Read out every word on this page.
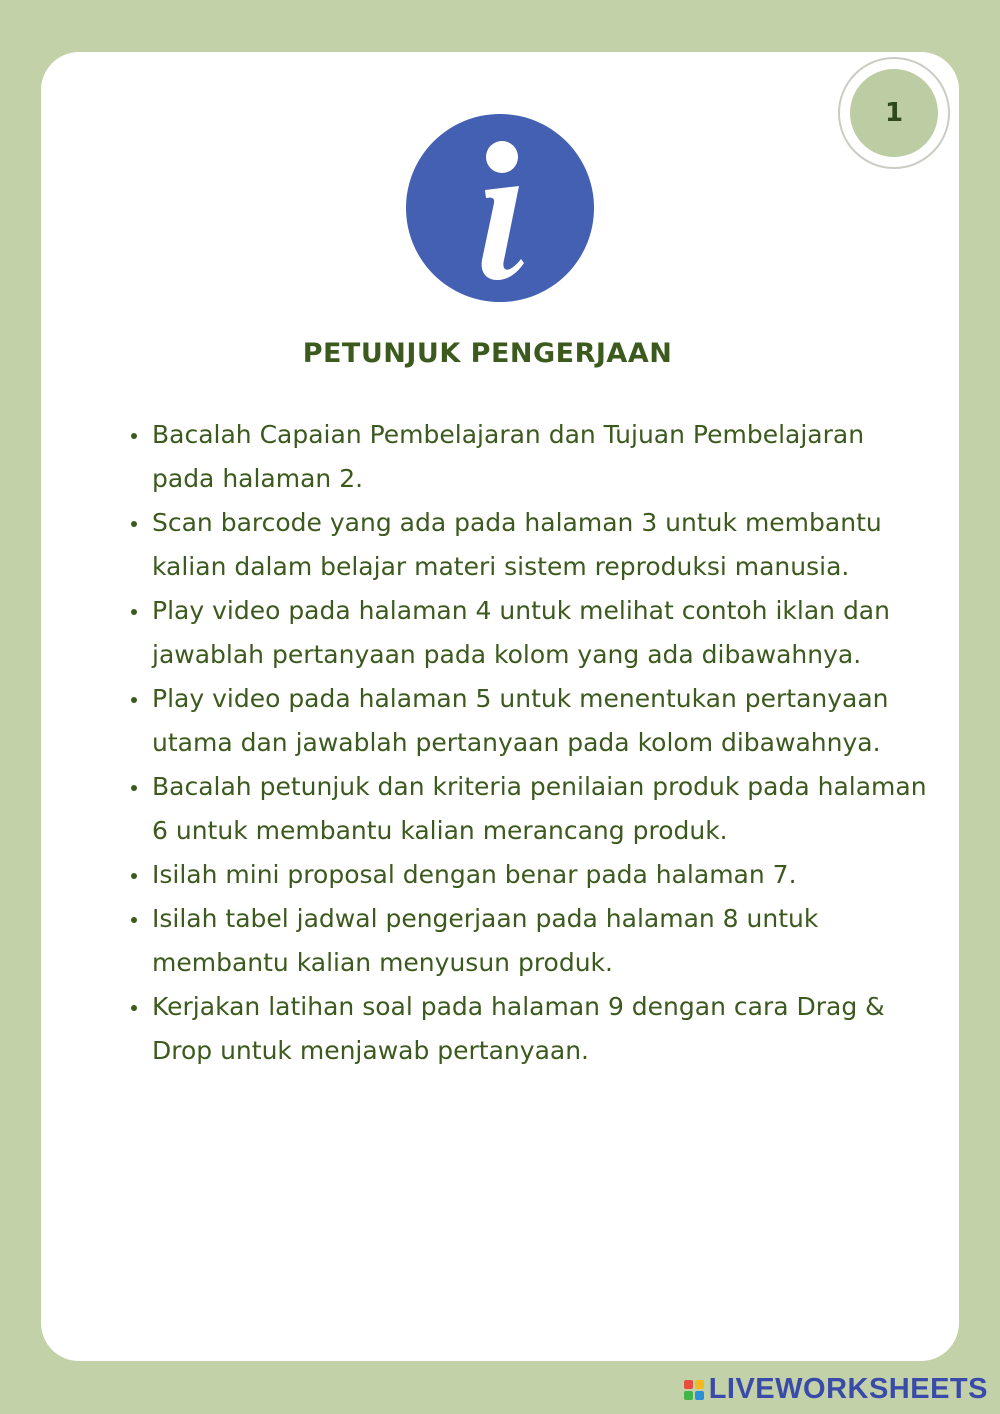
1
PETUNJUK PENGERJAAN
Bacalah Capaian Pembelajaran dan Tujuan Pembelajaran pada halaman 2.
Scan barcode yang ada pada halaman 3 untuk membantu kalian dalam belajar materi sistem reproduksi manusia.
Play video pada halaman 4 untuk melihat contoh iklan dan jawablah pertanyaan pada kolom yang ada dibawahnya.
Play video pada halaman 5 untuk menentukan pertanyaan utama dan jawablah pertanyaan pada kolom dibawahnya.
Bacalah petunjuk dan kriteria penilaian produk pada halaman 6 untuk membantu kalian merancang produk.
Isilah mini proposal dengan benar pada halaman 7.
Isilah tabel jadwal pengerjaan pada halaman 8 untuk membantu kalian menyusun produk.
Kerjakan latihan soal pada halaman 9 dengan cara Drag & Drop untuk menjawab pertanyaan.
LIVEWORKSHEETS
